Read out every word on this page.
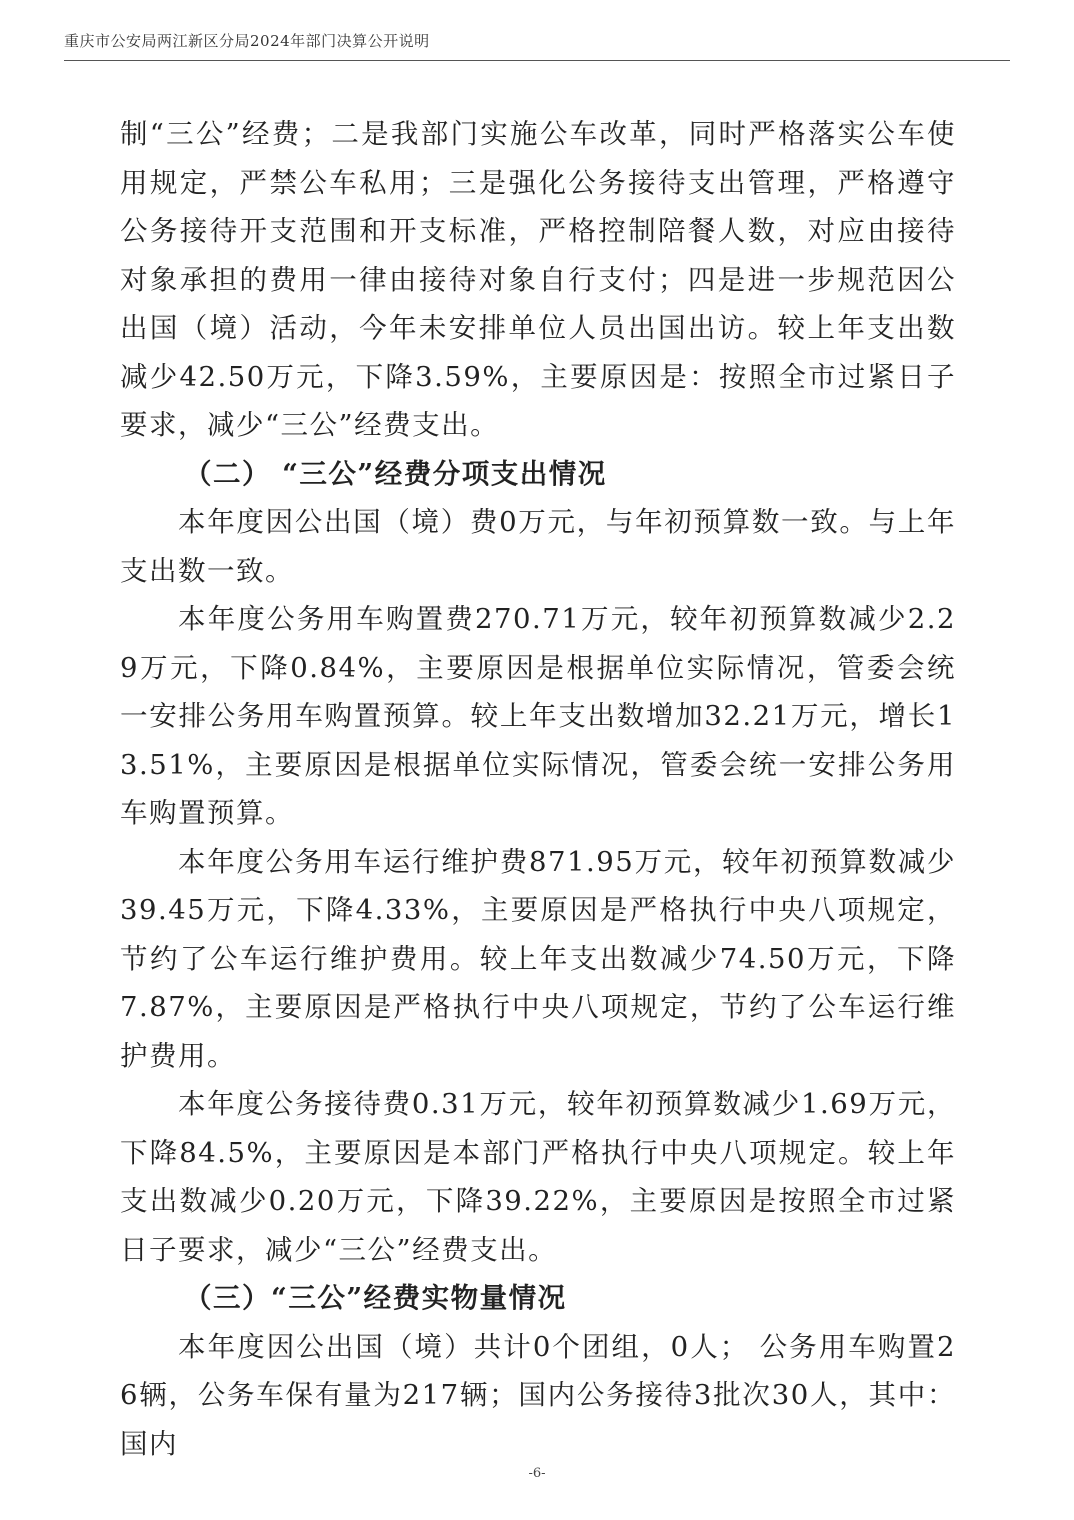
重庆市公安局两江新区分局2024年部门决算公开说明

制“三公”经费；二是我部门实施公车改革，同时严格落实公车使用规定，严禁公车私用；三是强化公务接待支出管理，严格遵守公务接待开支范围和开支标准，严格控制陪餐人数，对应由接待对象承担的费用一律由接待对象自行支付；四是进一步规范因公出国（境）活动，今年未安排单位人员出国出访。较上年支出数减少42.50万元，下降3.59%，主要原因是：按照全市过紧日子要求，减少“三公”经费支出。

（二） “三公”经费分项支出情况

本年度因公出国（境）费0万元，与年初预算数一致。与上年支出数一致。

本年度公务用车购置费270.71万元，较年初预算数减少2.29万元，下降0.84%，主要原因是根据单位实际情况，管委会统一安排公务用车购置预算。较上年支出数增加32.21万元，增长13.51%，主要原因是根据单位实际情况，管委会统一安排公务用车购置预算。

本年度公务用车运行维护费871.95万元，较年初预算数减少39.45万元，下降4.33%，主要原因是严格执行中央八项规定，节约了公车运行维护费用。较上年支出数减少74.50万元，下降7.87%，主要原因是严格执行中央八项规定，节约了公车运行维护费用。

本年度公务接待费0.31万元，较年初预算数减少1.69万元，下降84.5%，主要原因是本部门严格执行中央八项规定。较上年支出数减少0.20万元，下降39.22%，主要原因是按照全市过紧日子要求，减少“三公”经费支出。

（三）“三公”经费实物量情况

本年度因公出国（境）共计0个团组，0人； 公务用车购置26辆，公务车保有量为217辆；国内公务接待3批次30人，其中：国内

-6-
